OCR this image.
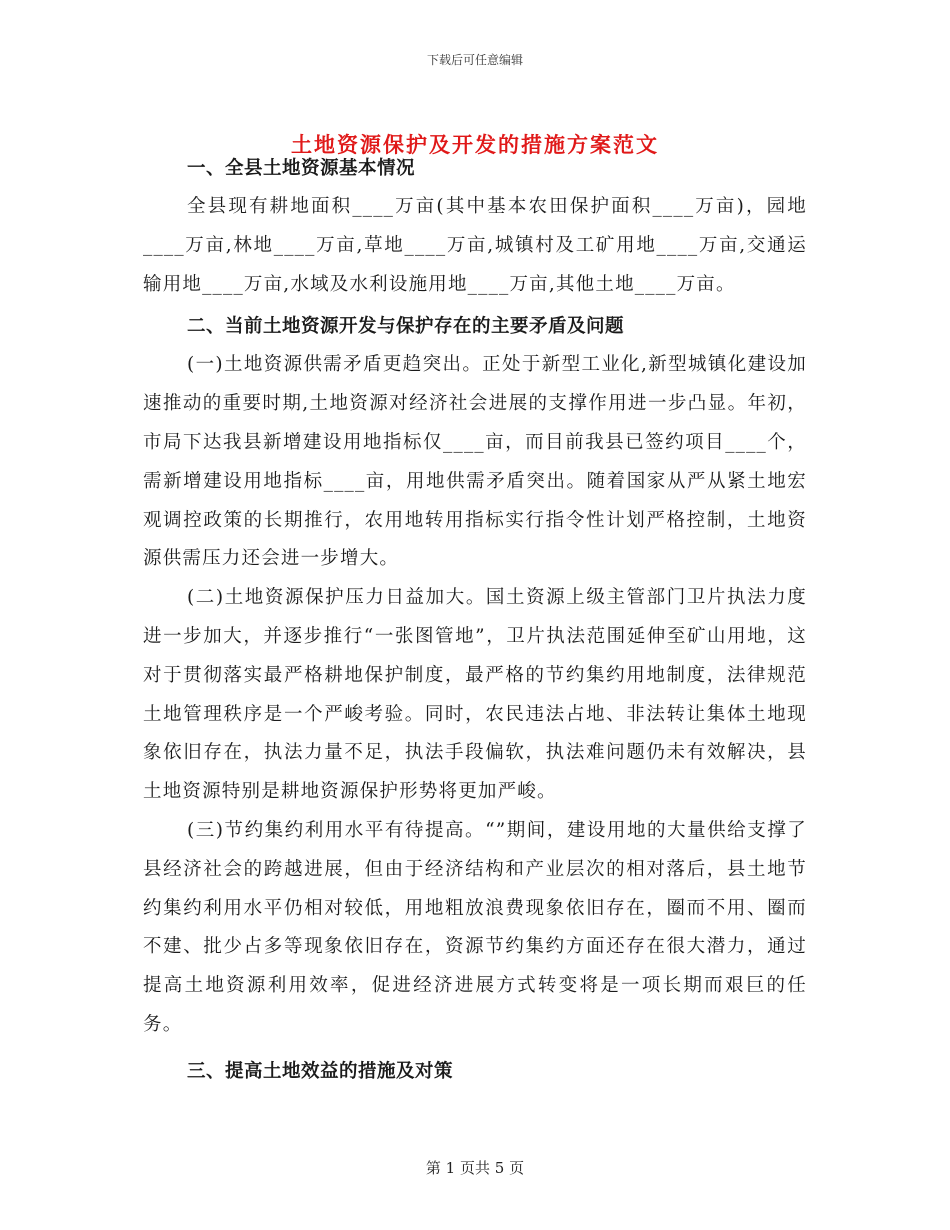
下载后可任意编辑
土地资源保护及开发的措施方案范文

一、全县土地资源基本情况

全县现有耕地面积____万亩(其中基本农田保护面积____万亩)，园地____万亩,林地____万亩,草地____万亩,城镇村及工矿用地____万亩,交通运输用地____万亩,水域及水利设施用地____万亩,其他土地____万亩。

二、当前土地资源开发与保护存在的主要矛盾及问题

(一)土地资源供需矛盾更趋突出。正处于新型工业化,新型城镇化建设加速推动的重要时期,土地资源对经济社会进展的支撑作用进一步凸显。年初，市局下达我县新增建设用地指标仅____亩，而目前我县已签约项目____个，需新增建设用地指标____亩，用地供需矛盾突出。随着国家从严从紧土地宏观调控政策的长期推行，农用地转用指标实行指令性计划严格控制，土地资源供需压力还会进一步增大。

(二)土地资源保护压力日益加大。国土资源上级主管部门卫片执法力度进一步加大，并逐步推行“一张图管地”，卫片执法范围延伸至矿山用地，这对于贯彻落实最严格耕地保护制度，最严格的节约集约用地制度，法律规范土地管理秩序是一个严峻考验。同时，农民违法占地、非法转让集体土地现象依旧存在，执法力量不足，执法手段偏软，执法难问题仍未有效解决，县土地资源特别是耕地资源保护形势将更加严峻。

(三)节约集约利用水平有待提高。“”期间，建设用地的大量供给支撑了县经济社会的跨越进展，但由于经济结构和产业层次的相对落后，县土地节约集约利用水平仍相对较低，用地粗放浪费现象依旧存在，圈而不用、圈而不建、批少占多等现象依旧存在，资源节约集约方面还存在很大潜力，通过提高土地资源利用效率，促进经济进展方式转变将是一项长期而艰巨的任务。

三、提高土地效益的措施及对策

第 1 页共 5 页
